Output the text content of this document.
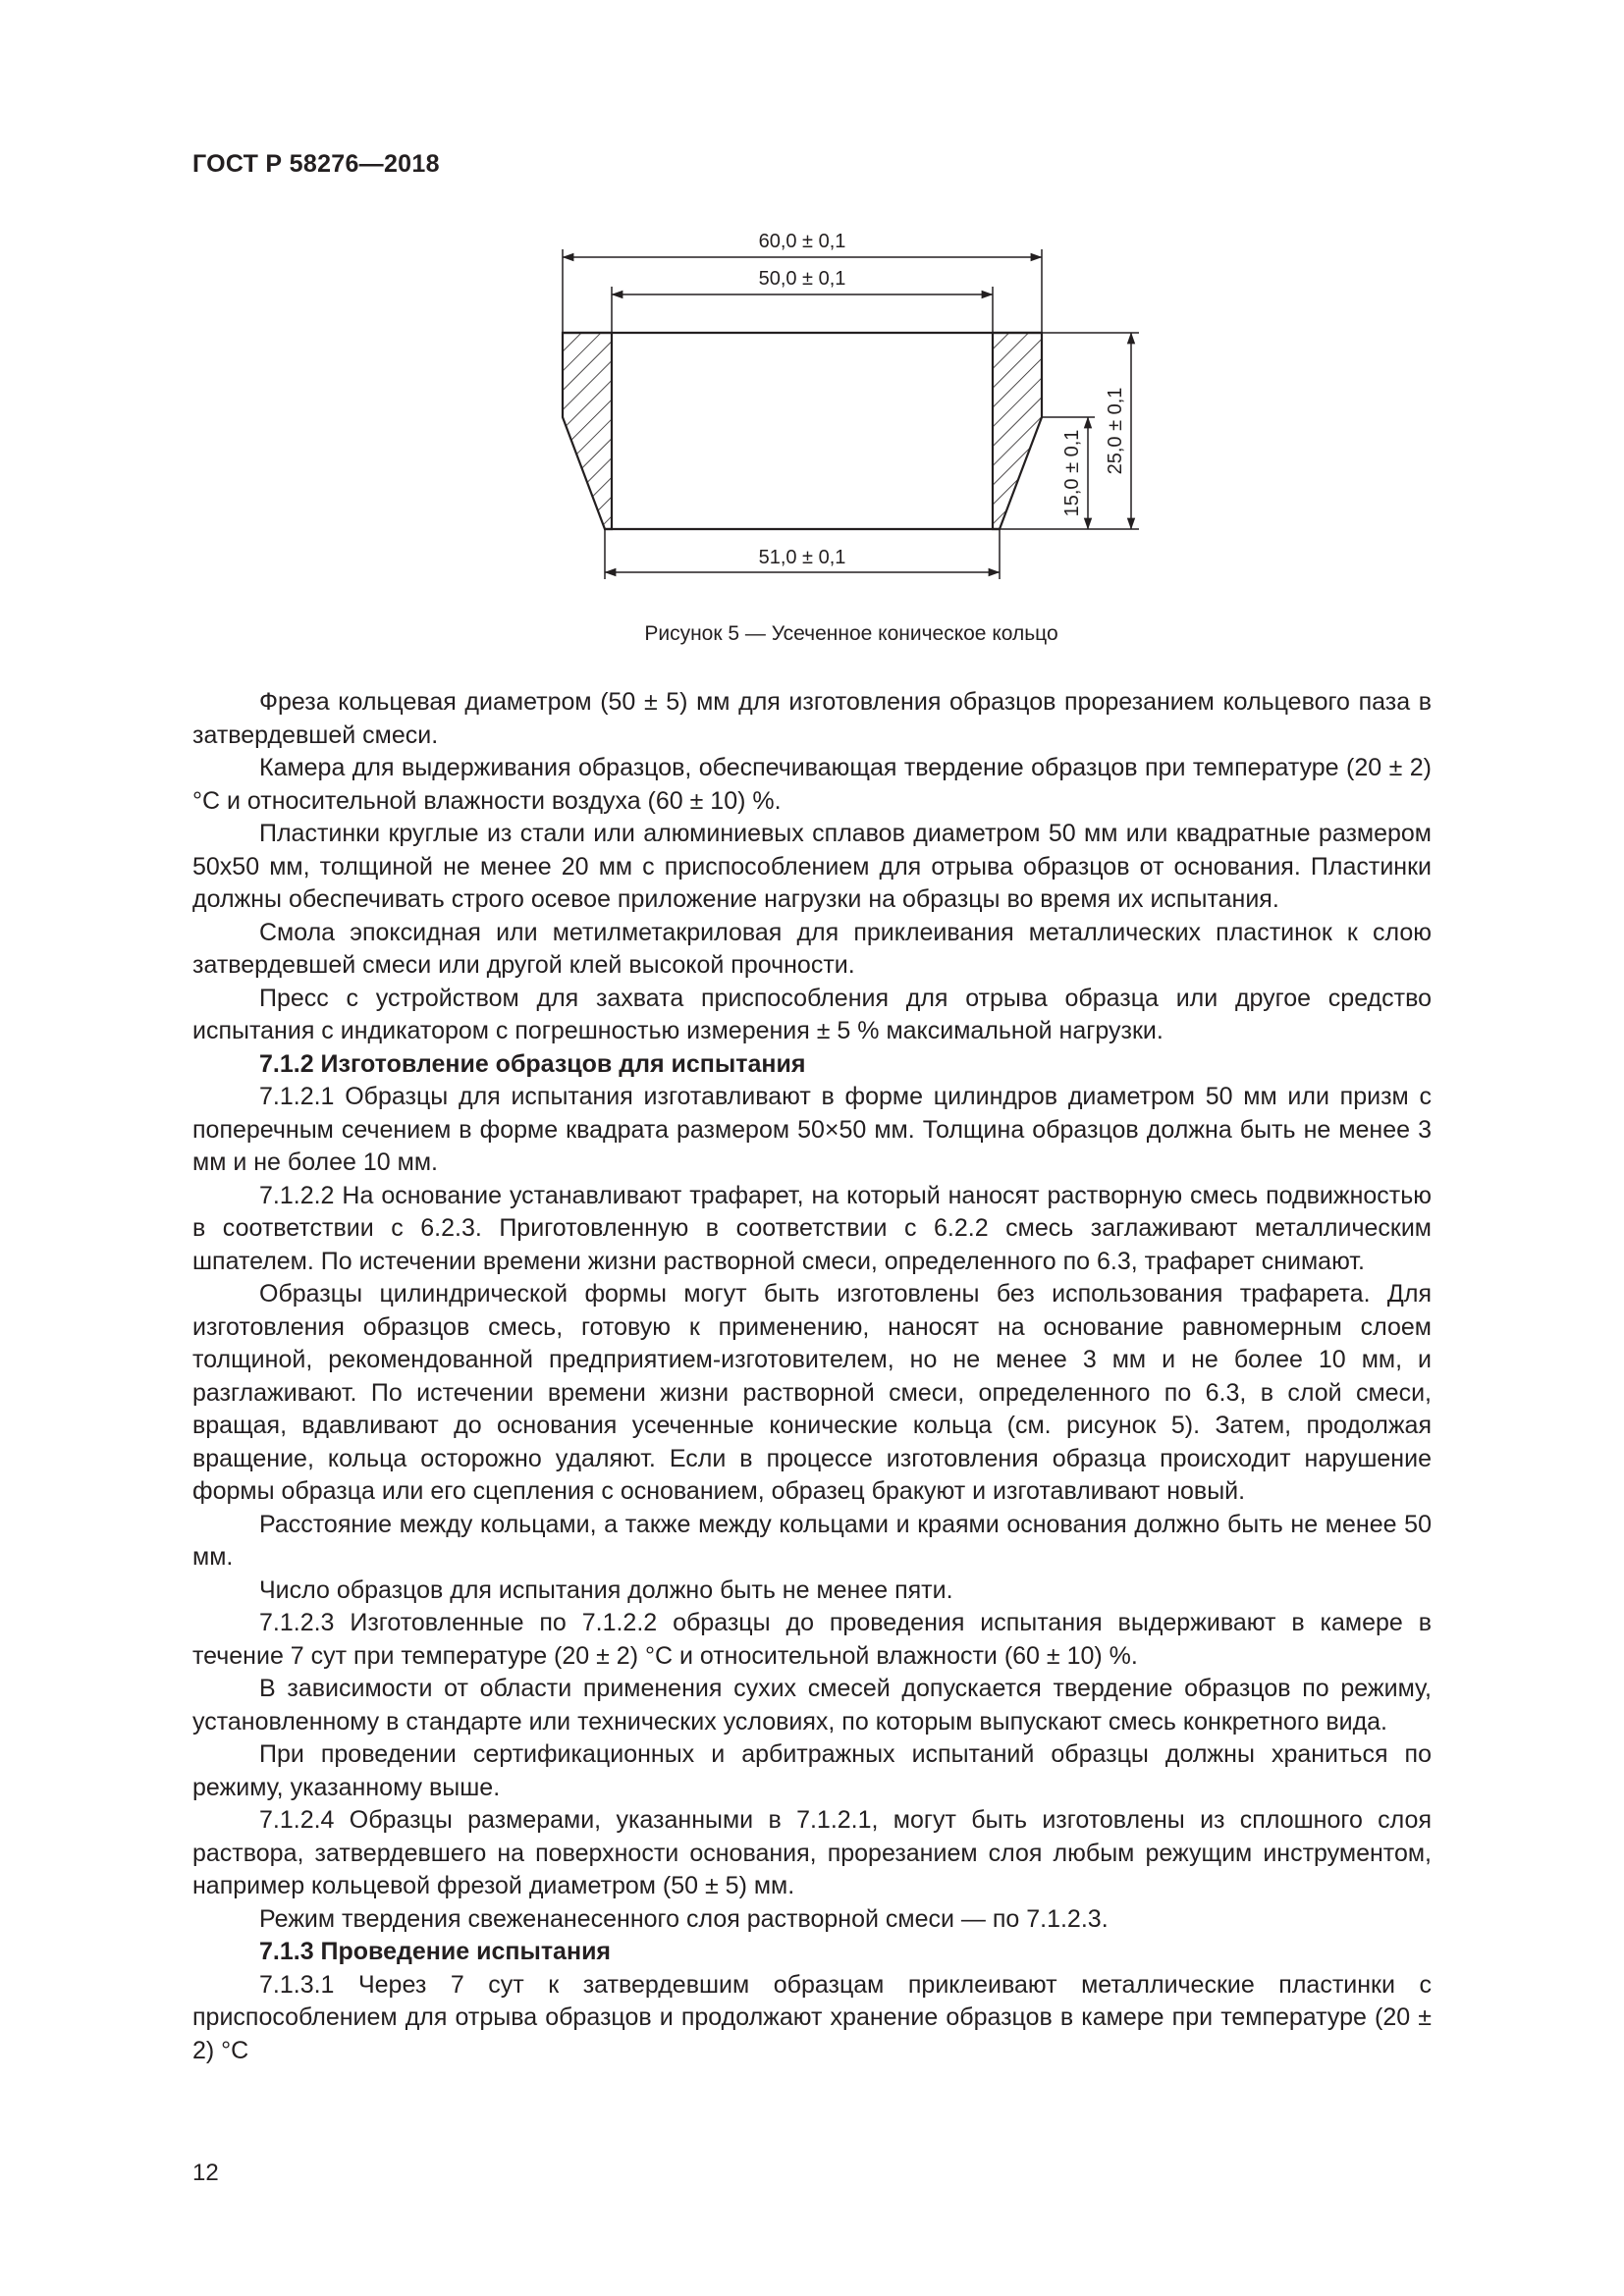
ГОСТ Р 58276—2018
60,0 ± 0,1
50,0 ± 0,1
51,0 ± 0,1
15,0 ± 0,1 25,0 ± 0,1
Рисунок 5 — Усеченное коническое кольцо

Фреза кольцевая диаметром (50 ± 5) мм для изготовления образцов прорезанием кольцевого паза в затвердевшей смеси.

Камера для выдерживания образцов, обеспечивающая твердение образцов при температуре (20 ± 2) °С и относительной влажности воздуха (60 ± 10) %.

Пластинки круглые из стали или алюминиевых сплавов диаметром 50 мм или квадратные размером 50х50 мм, толщиной не менее 20 мм с приспособлением для отрыва образцов от основания. Пластинки должны обеспечивать строго осевое приложение нагрузки на образцы во время их испытания.

Смола эпоксидная или метилметакриловая для приклеивания металлических пластинок к слою затвердевшей смеси или другой клей высокой прочности.

Пресс с устройством для захвата приспособления для отрыва образца или другое средство испытания с индикатором с погрешностью измерения ± 5 % максимальной нагрузки.

7.1.2 Изготовление образцов для испытания

7.1.2.1 Образцы для испытания изготавливают в форме цилиндров диаметром 50 мм или призм с поперечным сечением в форме квадрата размером 50×50 мм. Толщина образцов должна быть не менее 3 мм и не более 10 мм.

7.1.2.2 На основание устанавливают трафарет, на который наносят растворную смесь подвижностью в соответствии с 6.2.3. Приготовленную в соответствии с 6.2.2 смесь заглаживают металлическим шпателем. По истечении времени жизни растворной смеси, определенного по 6.3, трафарет снимают.

Образцы цилиндрической формы могут быть изготовлены без использования трафарета. Для изготовления образцов смесь, готовую к применению, наносят на основание равномерным слоем толщиной, рекомендованной предприятием-изготовителем, но не менее 3 мм и не более 10 мм, и разглаживают. По истечении времени жизни растворной смеси, определенного по 6.3, в слой смеси, вращая, вдавливают до основания усеченные конические кольца (см. рисунок 5). Затем, продолжая вращение, кольца осторожно удаляют. Если в процессе изготовления образца происходит нарушение формы образца или его сцепления с основанием, образец бракуют и изготавливают новый.

Расстояние между кольцами, а также между кольцами и краями основания должно быть не менее 50 мм.

Число образцов для испытания должно быть не менее пяти.

7.1.2.3 Изготовленные по 7.1.2.2 образцы до проведения испытания выдерживают в камере в течение 7 сут при температуре (20 ± 2) °С и относительной влажности (60 ± 10) %.

В зависимости от области применения сухих смесей допускается твердение образцов по режиму, установленному в стандарте или технических условиях, по которым выпускают смесь конкретного вида.

При проведении сертификационных и арбитражных испытаний образцы должны храниться по режиму, указанному выше.

7.1.2.4 Образцы размерами, указанными в 7.1.2.1, могут быть изготовлены из сплошного слоя раствора, затвердевшего на поверхности основания, прорезанием слоя любым режущим инструментом, например кольцевой фрезой диаметром (50 ± 5) мм.

Режим твердения свеженанесенного слоя растворной смеси — по 7.1.2.3.

7.1.3 Проведение испытания

7.1.3.1 Через 7 сут к затвердевшим образцам приклеивают металлические пластинки с приспособлением для отрыва образцов и продолжают хранение образцов в камере при температуре (20 ± 2) °С

12
